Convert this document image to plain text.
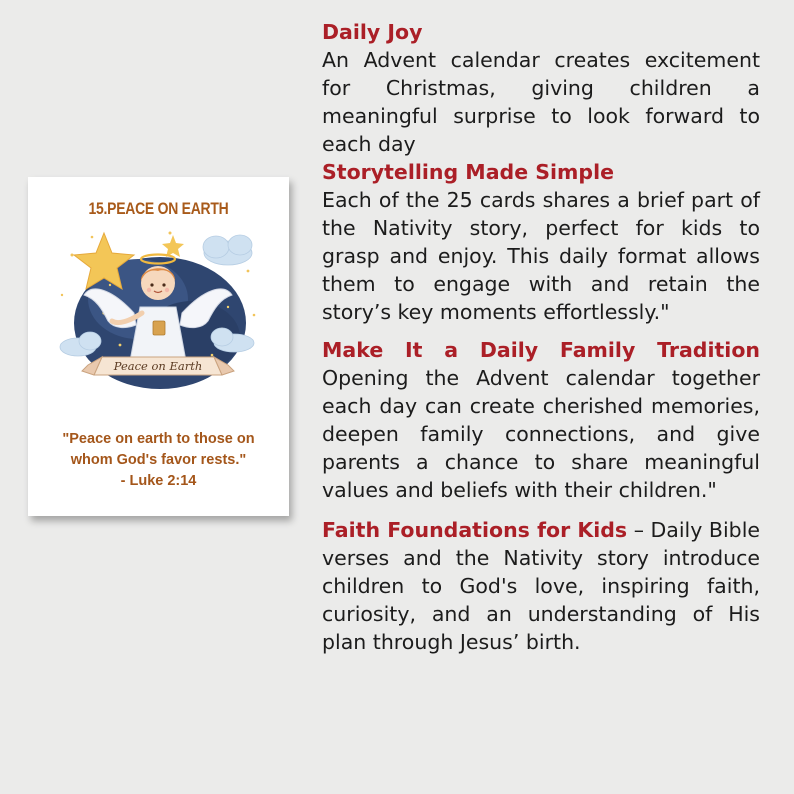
15.PEACE ON EARTH
Peace on Earth
"Peace on earth to those on
whom God's favor rests."
- Luke 2:14
Daily Joy

An Advent calendar creates excitement for Christmas, giving children a meaningful surprise to look forward to each day

Storytelling Made Simple

Each of the 25 cards shares a brief part of the Nativity story, perfect for kids to grasp and enjoy. This daily format allows them to engage with and retain the story’s key moments effortlessly."

Make It a Daily Family Tradition

Opening the Advent calendar together each day can create cherished memories, deepen family connections, and give parents a chance to share meaningful values and beliefs with their children."

Faith Foundations for Kids – Daily Bible verses and the Nativity story introduce children to God's love, inspiring faith, curiosity, and an understanding of His plan through Jesus’ birth.
